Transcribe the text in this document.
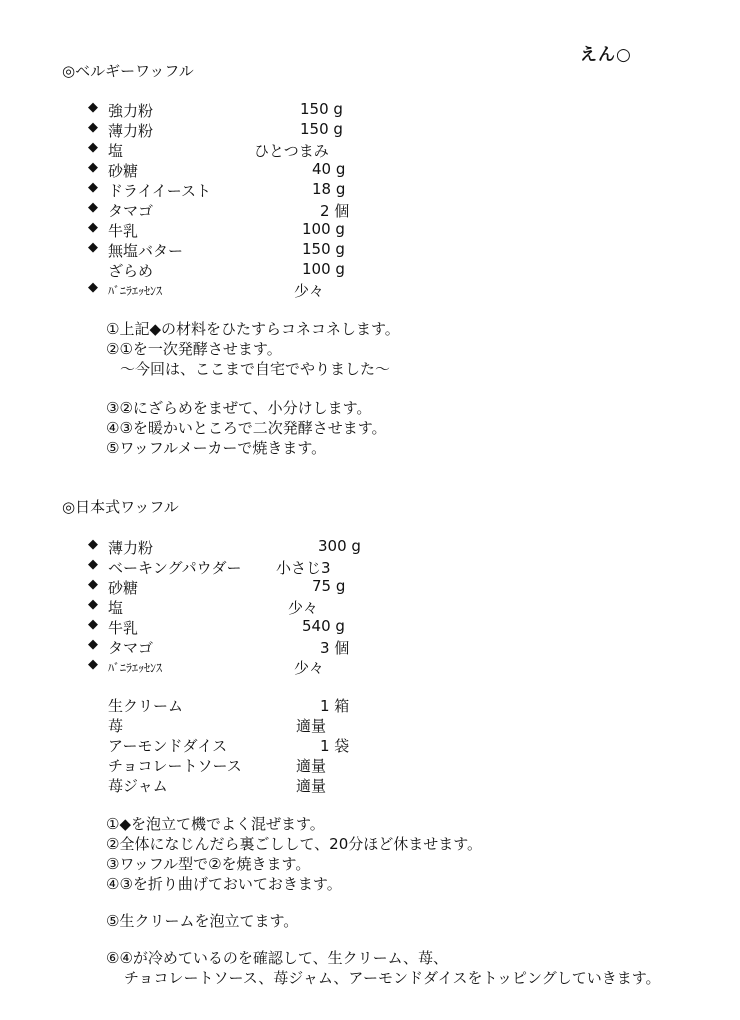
えん○
◎ベルギーワッフル
◆ 強力粉	150 g
◆ 薄力粉	150 g
◆ 塩	ひとつまみ
◆ 砂糖	40 g
◆ ドライイースト	18 g
◆ タマゴ	2 個
◆ 牛乳	100 g
◆ 無塩バター	150 g
ざらめ	100 g
◆ ﾊﾞﾆﾗｴｯｾﾝｽ	少々
①上記◆の材料をひたすらコネコネします。
②①を一次発酵させます。
～今回は、ここまで自宅でやりました～
③②にざらめをまぜて、小分けします。
④③を暖かいところで二次発酵させます。
⑤ワッフルメーカーで焼きます。
◎日本式ワッフル
◆ 薄力粉	300 g
◆ ベーキングパウダー 小さじ3
◆ 砂糖	75 g
◆ 塩	少々
◆ 牛乳	540 g
◆ タマゴ	3 個
◆ ﾊﾞﾆﾗｴｯｾﾝｽ	少々
生クリーム	1 箱
苺	適量
アーモンドダイス	1 袋
チョコレートソース	適量
苺ジャム	適量
①◆を泡立て機でよく混ぜます。
②全体になじんだら裏ごしして、20分ほど休ませます。
③ワッフル型で②を焼きます。
④③を折り曲げておいておきます。
⑤生クリームを泡立てます。
⑥④が冷めているのを確認して、生クリーム、苺、
チョコレートソース、苺ジャム、アーモンドダイスをトッピングしていきます。
